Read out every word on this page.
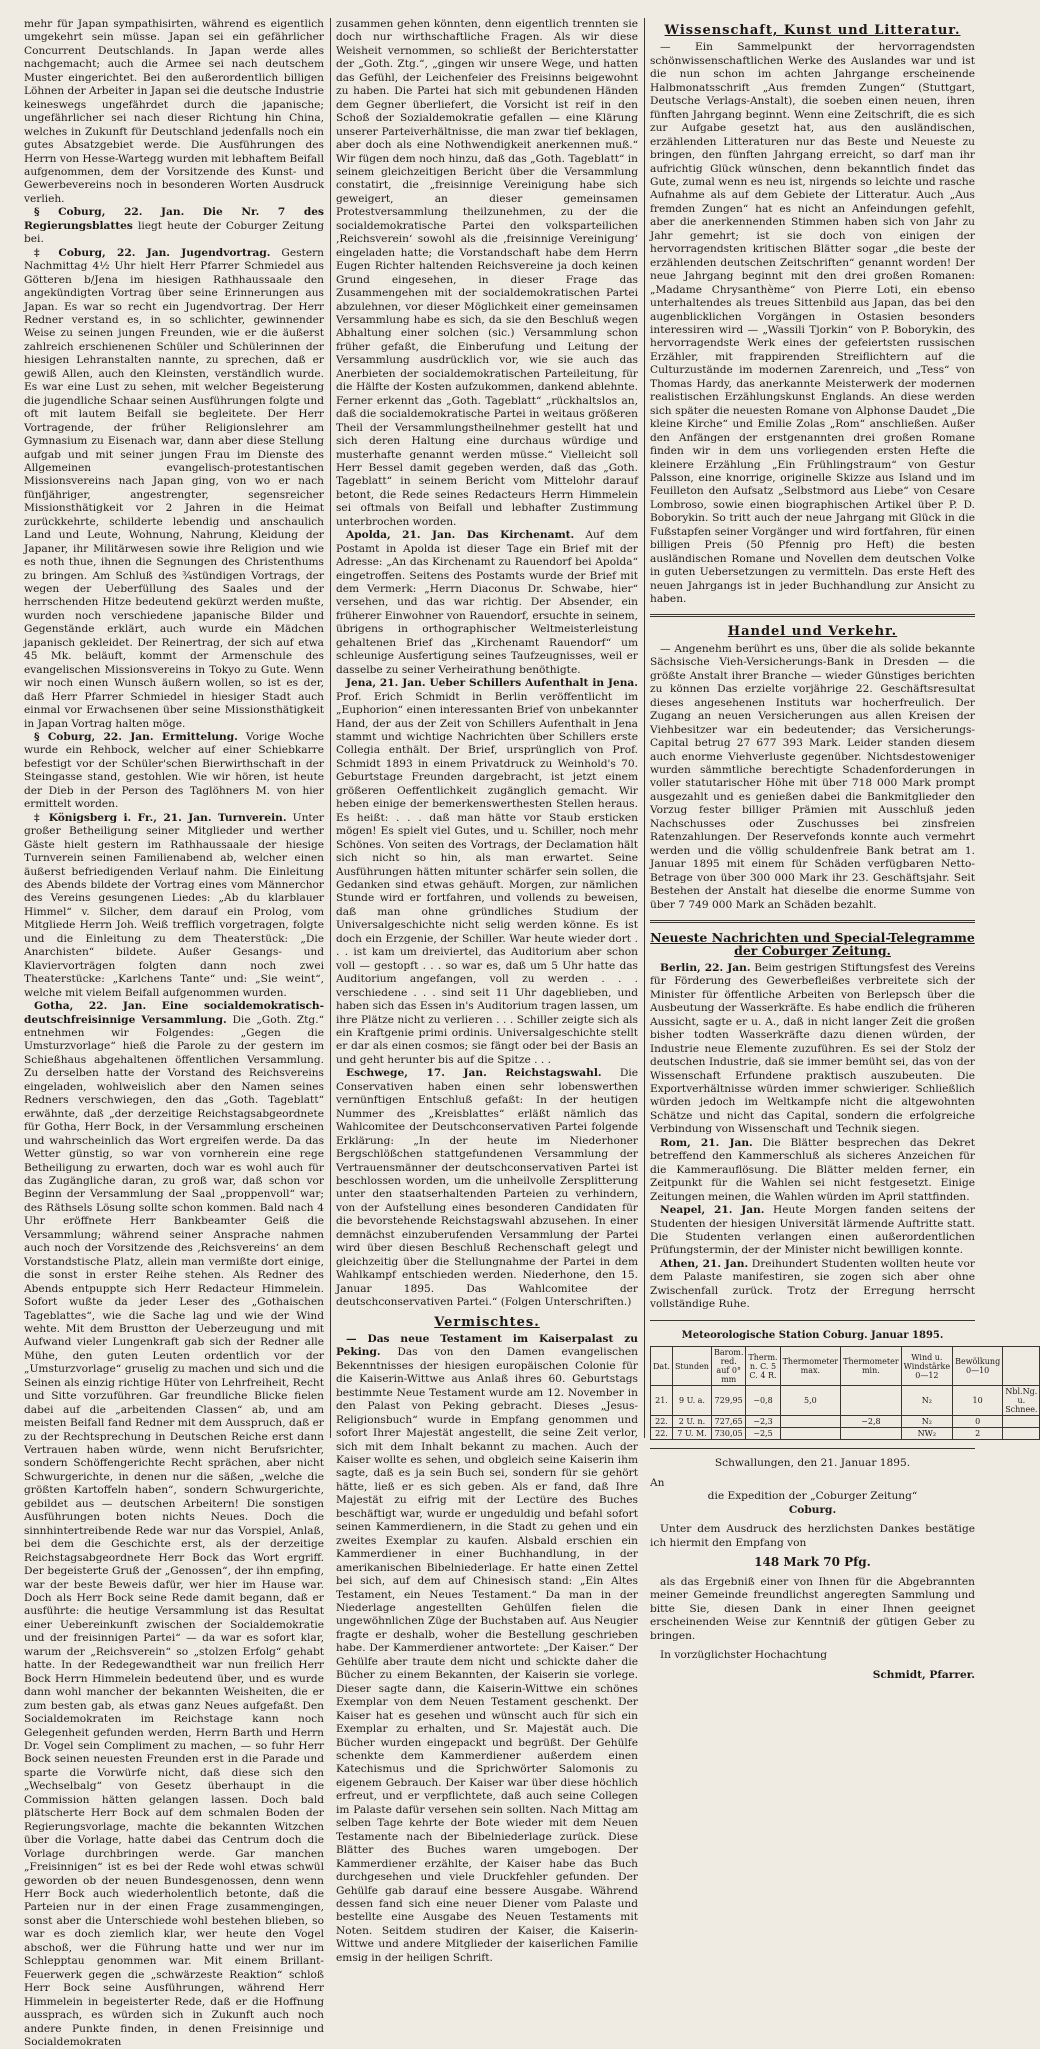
mehr für Japan sympathisirten, während es eigentlich umgekehrt sein müsse. Japan sei ein gefährlicher Concurrent Deutschlands. In Japan werde alles nachgemacht; auch die Armee sei nach deutschem Muster eingerichtet. Bei den außerordentlich billigen Löhnen der Arbeiter in Japan sei die deutsche Industrie keineswegs ungefährdet durch die japanische; ungefährlicher sei nach dieser Richtung hin China, welches in Zukunft für Deutschland jedenfalls noch ein gutes Absatzgebiet werde. Die Ausführungen des Herrn von Hesse-Wartegg wurden mit lebhaftem Beifall aufgenommen, dem der Vorsitzende des Kunst- und Gewerbevereins noch in besonderen Worten Ausdruck verlieh.

§ Coburg, 22. Jan. Die Nr. 7 des Regierungsblattes liegt heute der Coburger Zeitung bei.

‡ Coburg, 22. Jan. Jugendvortrag. Gestern Nachmittag 4½ Uhr hielt Herr Pfarrer Schmiedel aus Götteren b/Jena im hiesigen Rathhaussaale den angekündigten Vortrag über seine Erinnerungen aus Japan. Es war so recht ein Jugendvortrag. Der Herr Redner verstand es, in so schlichter, gewinnender Weise zu seinen jungen Freunden, wie er die äußerst zahlreich erschienenen Schüler und Schülerinnen der hiesigen Lehranstalten nannte, zu sprechen, daß er gewiß Allen, auch den Kleinsten, verständlich wurde. Es war eine Lust zu sehen, mit welcher Begeisterung die jugendliche Schaar seinen Ausführungen folgte und oft mit lautem Beifall sie begleitete. Der Herr Vortragende, der früher Religionslehrer am Gymnasium zu Eisenach war, dann aber diese Stellung aufgab und mit seiner jungen Frau im Dienste des Allgemeinen evangelisch-protestantischen Missionsvereins nach Japan ging, von wo er nach fünfjähriger, angestrengter, segensreicher Missionsthätigkeit vor 2 Jahren in die Heimat zurückkehrte, schilderte lebendig und anschaulich Land und Leute, Wohnung, Nahrung, Kleidung der Japaner, ihr Militärwesen sowie ihre Religion und wie es noth thue, ihnen die Segnungen des Christenthums zu bringen. Am Schluß des ¾stündigen Vortrags, der wegen der Ueberfüllung des Saales und der herrschenden Hitze bedeutend gekürzt werden mußte, wurden noch verschiedene japanische Bilder und Gegenstände erklärt, auch wurde ein Mädchen japanisch gekleidet. Der Reinertrag, der sich auf etwa 45 Mk. beläuft, kommt der Armenschule des evangelischen Missionsvereins in Tokyo zu Gute. Wenn wir noch einen Wunsch äußern wollen, so ist es der, daß Herr Pfarrer Schmiedel in hiesiger Stadt auch einmal vor Erwachsenen über seine Missionsthätigkeit in Japan Vortrag halten möge.

§ Coburg, 22. Jan. Ermittelung. Vorige Woche wurde ein Rehbock, welcher auf einer Schiebkarre befestigt vor der Schüler'schen Bierwirthschaft in der Steingasse stand, gestohlen. Wie wir hören, ist heute der Dieb in der Person des Taglöhners M. von hier ermittelt worden.

‡ Königsberg i. Fr., 21. Jan. Turnverein. Unter großer Betheiligung seiner Mitglieder und werther Gäste hielt gestern im Rathhaussaale der hiesige Turnverein seinen Familienabend ab, welcher einen äußerst befriedigenden Verlauf nahm. Die Einleitung des Abends bildete der Vortrag eines vom Männerchor des Vereins gesungenen Liedes: „Ab du klarblauer Himmel“ v. Silcher, dem darauf ein Prolog, vom Mitgliede Herrn Joh. Weiß trefflich vorgetragen, folgte und die Einleitung zu dem Theaterstück: „Die Anarchisten“ bildete. Außer Gesangs- und Klaviervorträgen folgten dann noch zwei Theaterstücke: „Karlchens Tante“ und: „Sie weint“, welche mit vielem Beifall aufgenommen wurden.

Gotha, 22. Jan. Eine socialdemokratisch-deutschfreisinnige Versammlung. Die „Goth. Ztg.“ entnehmen wir Folgendes: „Gegen die Umsturzvorlage“ hieß die Parole zu der gestern im Schießhaus abgehaltenen öffentlichen Versammlung. Zu derselben hatte der Vorstand des Reichsvereins eingeladen, wohlweislich aber den Namen seines Redners verschwiegen, den das „Goth. Tageblatt“ erwähnte, daß „der derzeitige Reichstagsabgeordnete für Gotha, Herr Bock, in der Versammlung erscheinen und wahrscheinlich das Wort ergreifen werde. Da das Wetter günstig, so war von vornherein eine rege Betheiligung zu erwarten, doch war es wohl auch für das Zugängliche daran, zu groß war, daß schon vor Beginn der Versammlung der Saal „proppenvoll“ war; des Räthsels Lösung sollte schon kommen. Bald nach 4 Uhr eröffnete Herr Bankbeamter Geiß die Versammlung; während seiner Ansprache nahmen auch noch der Vorsitzende des ‚Reichsvereins‘ an dem Vorstandstische Platz, allein man vermißte dort einige, die sonst in erster Reihe stehen. Als Redner des Abends entpuppte sich Herr Redacteur Himmelein. Sofort wußte da jeder Leser des „Gothaischen Tageblattes“, wie die Sache lag und wie der Wind wehte. Mit dem Brustton der Ueberzeugung und mit Aufwand vieler Lungenkraft gab sich der Redner alle Mühe, den guten Leuten ordentlich vor der „Umsturzvorlage“ gruselig zu machen und sich und die Seinen als einzig richtige Hüter von Lehrfreiheit, Recht und Sitte vorzuführen. Gar freundliche Blicke fielen dabei auf die „arbeitenden Classen“ ab, und am meisten Beifall fand Redner mit dem Ausspruch, daß er zu der Rechtsprechung in Deutschen Reiche erst dann Vertrauen haben würde, wenn nicht Berufsrichter, sondern Schöffengerichte Recht sprächen, aber nicht Schwurgerichte, in denen nur die säßen, „welche die größten Kartoffeln haben“, sondern Schwurgerichte, gebildet aus — deutschen Arbeitern! Die sonstigen Ausführungen boten nichts Neues. Doch die sinnhintertreibende Rede war nur das Vorspiel, Anlaß, bei dem die Geschichte erst, als der derzeitige Reichstagsabgeordnete Herr Bock das Wort ergriff. Der begeisterte Gruß der „Genossen“, der ihn empfing, war der beste Beweis dafür, wer hier im Hause war. Doch als Herr Bock seine Rede damit begann, daß er ausführte: die heutige Versammlung ist das Resultat einer Uebereinkunft zwischen der Socialdemokratie und der freisinnigen Partei“ — da war es sofort klar, warum der „Reichsverein“ so „stolzen Erfolg“ gehabt hatte. In der Redegewandtheit war nun freilich Herr Bock Herrn Himmelein bedeutend über, und es wurde dann wohl mancher der bekannten Weisheiten, die er zum besten gab, als etwas ganz Neues aufgefaßt. Den Socialdemokraten im Reichstage kann noch Gelegenheit gefunden werden, Herrn Barth und Herrn Dr. Vogel sein Compliment zu machen, — so fuhr Herr Bock seinen neuesten Freunden erst in die Parade und sparte die Vorwürfe nicht, daß diese sich den „Wechselbalg“ von Gesetz überhaupt in die Commission hätten gelangen lassen. Doch bald plätscherte Herr Bock auf dem schmalen Boden der Regierungsvorlage, machte die bekannten Witzchen über die Vorlage, hatte dabei das Centrum doch die Vorlage durchbringen werde. Gar manchen „Freisinnigen“ ist es bei der Rede wohl etwas schwül geworden ob der neuen Bundesgenossen, denn wenn Herr Bock auch wiederholentlich betonte, daß die Parteien nur in der einen Frage zusammengingen, sonst aber die Unterschiede wohl bestehen blieben, so war es doch ziemlich klar, wer heute den Vogel abschoß, wer die Führung hatte und wer nur im Schlepptau genommen war. Mit einem Brillant-Feuerwerk gegen die „schwärzeste Reaktion“ schloß Herr Bock seine Ausführungen, während Herr Himmelein in begeisterter Rede, daß er die Hoffnung aussprach, es würden sich in Zukunft auch noch andere Punkte finden, in denen Freisinnige und Socialdemokraten

zusammen gehen könnten, denn eigentlich trennten sie doch nur wirthschaftliche Fragen. Als wir diese Weisheit vernommen, so schließt der Berichterstatter der „Goth. Ztg.“, „gingen wir unsere Wege, und hatten das Gefühl, der Leichenfeier des Freisinns beigewohnt zu haben. Die Partei hat sich mit gebundenen Händen dem Gegner überliefert, die Vorsicht ist reif in den Schoß der Sozialdemokratie gefallen — eine Klärung unserer Parteiverhältnisse, die man zwar tief beklagen, aber doch als eine Nothwendigkeit anerkennen muß.“ Wir fügen dem noch hinzu, daß das „Goth. Tageblatt“ in seinem gleichzeitigen Bericht über die Versammlung constatirt, die „freisinnige Vereinigung habe sich geweigert, an dieser gemeinsamen Protestversammlung theilzunehmen, zu der die socialdemokratische Partei den volksparteilichen ‚Reichsverein‘ sowohl als die ‚freisinnige Vereinigung‘ eingeladen hatte; die Vorstandschaft habe dem Herrn Eugen Richter haltenden Reichsvereine ja doch keinen Grund eingesehen, in dieser Frage das Zusammengehen mit der socialdemokratischen Partei abzulehnen, vor dieser Möglichkeit einer gemeinsamen Versammlung habe es sich, da sie den Beschluß wegen Abhaltung einer solchen (sic.) Versammlung schon früher gefaßt, die Einberufung und Leitung der Versammlung ausdrücklich vor, wie sie auch das Anerbieten der socialdemokratischen Parteileitung, für die Hälfte der Kosten aufzukommen, dankend ablehnte. Ferner erkennt das „Goth. Tageblatt“ „rückhaltslos an, daß die socialdemokratische Partei in weitaus größeren Theil der Versammlungstheilnehmer gestellt hat und sich deren Haltung eine durchaus würdige und musterhafte genannt werden müsse.“ Vielleicht soll Herr Bessel damit gegeben werden, daß das „Goth. Tageblatt“ in seinem Bericht vom Mittelohr darauf betont, die Rede seines Redacteurs Herrn Himmelein sei oftmals von Beifall und lebhafter Zustimmung unterbrochen worden.

Apolda, 21. Jan. Das Kirchenamt. Auf dem Postamt in Apolda ist dieser Tage ein Brief mit der Adresse: „An das Kirchenamt zu Rauendorf bei Apolda“ eingetroffen. Seitens des Postamts wurde der Brief mit dem Vermerk: „Herrn Diaconus Dr. Schwabe, hier“ versehen, und das war richtig. Der Absender, ein früherer Einwohner von Rauendorf, ersuchte in seinem, übrigens in orthographischer Weltmeisterleistung gehaltenen Brief das „Kirchenamt Rauendorf“ um schleunige Ausfertigung seines Taufzeugnisses, weil er dasselbe zu seiner Verheirathung benöthigte.

Jena, 21. Jan. Ueber Schillers Aufenthalt in Jena. Prof. Erich Schmidt in Berlin veröffentlicht im „Euphorion“ einen interessanten Brief von unbekannter Hand, der aus der Zeit von Schillers Aufenthalt in Jena stammt und wichtige Nachrichten über Schillers erste Collegia enthält. Der Brief, ursprünglich von Prof. Schmidt 1893 in einem Privatdruck zu Weinhold's 70. Geburtstage Freunden dargebracht, ist jetzt einem größeren Oeffentlichkeit zugänglich gemacht. Wir heben einige der bemerkenswerthesten Stellen heraus. Es heißt: . . . daß man hätte vor Staub ersticken mögen! Es spielt viel Gutes, und u. Schiller, noch mehr Schönes. Von seiten des Vortrags, der Declamation hält sich nicht so hin, als man erwartet. Seine Ausführungen hätten mitunter schärfer sein sollen, die Gedanken sind etwas gehäuft. Morgen, zur nämlichen Stunde wird er fortfahren, und vollends zu beweisen, daß man ohne gründliches Studium der Universalgeschichte nicht selig werden könne. Es ist doch ein Erzgenie, der Schiller. War heute wieder dort . . . ist kam um dreiviertel, das Auditorium aber schon voll — gestopft . . . so war es, daß um 5 Uhr hatte das Auditorium angefangen, voll zu werden . . . verschiedene . . . sind seit 11 Uhr dageblieben, und haben sich das Essen in's Auditorium tragen lassen, um ihre Plätze nicht zu verlieren . . . Schiller zeigte sich als ein Kraftgenie primi ordinis. Universalgeschichte stellt er dar als einen cosmos; sie fängt oder bei der Basis an und geht herunter bis auf die Spitze . . .

Eschwege, 17. Jan. Reichstagswahl. Die Conservativen haben einen sehr lobenswerthen vernünftigen Entschluß gefaßt: In der heutigen Nummer des „Kreisblattes“ erläßt nämlich das Wahlcomitee der Deutschconservativen Partei folgende Erklärung: „In der heute im Niederhoner Bergschlößchen stattgefundenen Versammlung der Vertrauensmänner der deutschconservativen Partei ist beschlossen worden, um die unheilvolle Zersplitterung unter den staatserhaltenden Parteien zu verhindern, von der Aufstellung eines besonderen Candidaten für die bevorstehende Reichstagswahl abzusehen. In einer demnächst einzuberufenden Versammlung der Partei wird über diesen Beschluß Rechenschaft gelegt und gleichzeitig über die Stellungnahme der Partei in dem Wahlkampf entschieden werden. Niederhone, den 15. Januar 1895. Das Wahlcomitee der deutschconservativen Partei.“ (Folgen Unterschriften.)

Vermischtes.

— Das neue Testament im Kaiserpalast zu Peking. Das von den Damen evangelischen Bekenntnisses der hiesigen europäischen Colonie für die Kaiserin-Wittwe aus Anlaß ihres 60. Geburtstags bestimmte Neue Testament wurde am 12. November in den Palast von Peking gebracht. Dieses „Jesus-Religionsbuch“ wurde in Empfang genommen und sofort Ihrer Majestät angestellt, die seine Zeit verlor, sich mit dem Inhalt bekannt zu machen. Auch der Kaiser wollte es sehen, und obgleich seine Kaiserin ihm sagte, daß es ja sein Buch sei, sondern für sie gehört hätte, ließ er es sich geben. Als er fand, daß Ihre Majestät zu eifrig mit der Lectüre des Buches beschäftigt war, wurde er ungeduldig und befahl sofort seinen Kammerdienern, in die Stadt zu gehen und ein zweites Exemplar zu kaufen. Alsbald erschien ein Kammerdiener in einer Buchhandlung, in der amerikanischen Bibelniederlage. Er hatte einen Zettel bei sich, auf dem auf Chinesisch stand: „Ein Altes Testament, ein Neues Testament.“ Da man in der Niederlage angestellten Gehülfen fielen die ungewöhnlichen Züge der Buchstaben auf. Aus Neugier fragte er deshalb, woher die Bestellung geschrieben habe. Der Kammerdiener antwortete: „Der Kaiser.“ Der Gehülfe aber traute dem nicht und schickte daher die Bücher zu einem Bekannten, der Kaiserin sie vorlege. Dieser sagte dann, die Kaiserin-Wittwe ein schönes Exemplar von dem Neuen Testament geschenkt. Der Kaiser hat es gesehen und wünscht auch für sich ein Exemplar zu erhalten, und Sr. Majestät auch. Die Bücher wurden eingepackt und begrüßt. Der Gehülfe schenkte dem Kammerdiener außerdem einen Katechismus und die Sprichwörter Salomonis zu eigenem Gebrauch. Der Kaiser war über diese höchlich erfreut, und er verpflichtete, daß auch seine Collegen im Palaste dafür versehen sein sollten. Nach Mittag am selben Tage kehrte der Bote wieder mit dem Neuen Testamente nach der Bibelniederlage zurück. Diese Blätter des Buches waren umgebogen. Der Kammerdiener erzählte, der Kaiser habe das Buch durchgesehen und viele Druckfehler gefunden. Der Gehülfe gab darauf eine bessere Ausgabe. Während dessen fand sich eine neuer Diener vom Palaste und bestellte eine Ausgabe des Neuen Testaments mit Noten. Seitdem studiren der Kaiser, die Kaiserin-Wittwe und andere Mitglieder der kaiserlichen Familie emsig in der heiligen Schrift.

Wissenschaft, Kunst und Litteratur.

— Ein Sammelpunkt der hervorragendsten schönwissenschaftlichen Werke des Auslandes war und ist die nun schon im achten Jahrgange erscheinende Halbmonatsschrift „Aus fremden Zungen“ (Stuttgart, Deutsche Verlags-Anstalt), die soeben einen neuen, ihren fünften Jahrgang beginnt. Wenn eine Zeitschrift, die es sich zur Aufgabe gesetzt hat, aus den ausländischen, erzählenden Litteraturen nur das Beste und Neueste zu bringen, den fünften Jahrgang erreicht, so darf man ihr aufrichtig Glück wünschen, denn bekanntlich findet das Gute, zumal wenn es neu ist, nirgends so leichte und rasche Aufnahme als auf dem Gebiete der Litteratur. Auch „Aus fremden Zungen“ hat es nicht an Anfeindungen gefehlt, aber die anerkennenden Stimmen haben sich von Jahr zu Jahr gemehrt; ist sie doch von einigen der hervorragendsten kritischen Blätter sogar „die beste der erzählenden deutschen Zeitschriften“ genannt worden! Der neue Jahrgang beginnt mit den drei großen Romanen: „Madame Chrysanthème“ von Pierre Loti, ein ebenso unterhaltendes als treues Sittenbild aus Japan, das bei den augenblicklichen Vorgängen in Ostasien besonders interessiren wird — „Wassili Tjorkin“ von P. Boborykin, des hervorragendste Werk eines der gefeiertsten russischen Erzähler, mit frappirenden Streiflichtern auf die Culturzustände im modernen Zarenreich, und „Tess“ von Thomas Hardy, das anerkannte Meisterwerk der modernen realistischen Erzählungskunst Englands. An diese werden sich später die neuesten Romane von Alphonse Daudet „Die kleine Kirche“ und Emilie Zolas „Rom“ anschließen. Außer den Anfängen der erstgenannten drei großen Romane finden wir in dem uns vorliegenden ersten Hefte die kleinere Erzählung „Ein Frühlingstraum“ von Gestur Palsson, eine knorrige, originelle Skizze aus Island und im Feuilleton den Aufsatz „Selbstmord aus Liebe“ von Cesare Lombroso, sowie einen biographischen Artikel über P. D. Boborykin. So tritt auch der neue Jahrgang mit Glück in die Fußstapfen seiner Vorgänger und wird fortfahren, für einen billigen Preis (50 Pfennig pro Heft) die besten ausländischen Romane und Novellen dem deutschen Volke in guten Uebersetzungen zu vermitteln. Das erste Heft des neuen Jahrgangs ist in jeder Buchhandlung zur Ansicht zu haben.

Handel und Verkehr.

— Angenehm berührt es uns, über die als solide bekannte Sächsische Vieh-Versicherungs-Bank in Dresden — die größte Anstalt ihrer Branche — wieder Günstiges berichten zu können Das erzielte vorjährige 22. Geschäftsresultat dieses angesehenen Instituts war hocherfreulich. Der Zugang an neuen Versicherungen aus allen Kreisen der Viehbesitzer war ein bedeutender; das Versicherungs-Capital betrug 27 677 393 Mark. Leider standen diesem auch enorme Viehverluste gegenüber. Nichtsdestoweniger wurden sämmtliche berechtigte Schadenforderungen in voller statutarischer Höhe mit über 718 000 Mark prompt ausgezahlt und es genießen dabei die Bankmitglieder den Vorzug fester billiger Prämien mit Ausschluß jeden Nachschusses oder Zuschusses bei zinsfreien Ratenzahlungen. Der Reservefonds konnte auch vermehrt werden und die völlig schuldenfreie Bank betrat am 1. Januar 1895 mit einem für Schäden verfügbaren Netto-Betrage von über 300 000 Mark ihr 23. Geschäftsjahr. Seit Bestehen der Anstalt hat dieselbe die enorme Summe von über 7 749 000 Mark an Schäden bezahlt.

Neueste Nachrichten und Special-Telegramme der Coburger Zeitung.

Berlin, 22. Jan. Beim gestrigen Stiftungsfest des Vereins für Förderung des Gewerbefleißes verbreitete sich der Minister für öffentliche Arbeiten von Berlepsch über die Ausbeutung der Wasserkräfte. Es habe endlich die früheren Aussicht, sagte er u. A., daß in nicht langer Zeit die großen bisher todten Wasserkräfte dazu dienen würden, der Industrie neue Elemente zuzuführen. Es sei der Stolz der deutschen Industrie, daß sie immer bemüht sei, das von der Wissenschaft Erfundene praktisch auszubeuten. Die Exportverhältnisse würden immer schwieriger. Schließlich würden jedoch im Weltkampfe nicht die altgewohnten Schätze und nicht das Capital, sondern die erfolgreiche Verbindung von Wissenschaft und Technik siegen.

Rom, 21. Jan. Die Blätter besprechen das Dekret betreffend den Kammerschluß als sicheres Anzeichen für die Kammerauflösung. Die Blätter melden ferner, ein Zeitpunkt für die Wahlen sei nicht festgesetzt. Einige Zeitungen meinen, die Wahlen würden im April stattfinden.

Neapel, 21. Jan. Heute Morgen fanden seitens der Studenten der hiesigen Universität lärmende Auftritte statt. Die Studenten verlangen einen außerordentlichen Prüfungstermin, der der Minister nicht bewilligen konnte.

Athen, 21. Jan. Dreihundert Studenten wollten heute vor dem Palaste manifestiren, sie zogen sich aber ohne Zwischenfall zurück. Trotz der Erregung herrscht vollständige Ruhe.

Meteorologische Station Coburg. Januar 1895.
Dat.	Stunden	Barom. red. auf 0° mm	Therm. n. C. 5 C. 4 R.	Thermometer max.	Thermometer min.	Wind u. Windstärke 0—12	Bewölkung 0—10	
21.	9 U. a.	729,95	−0,8	5,0		N₂	10	Nbl.Ng. u. Schnee.
22.	2 U. n.	727,65	−2,3		−2,8	N₂	0	
22.	7 U. M.	730,05	−2,5			NW₂	2	

Schwallungen, den 21. Januar 1895.

An

die Expedition der „Coburger Zeitung“

Coburg.

Unter dem Ausdruck des herzlichsten Dankes bestätige ich hiermit den Empfang von

148 Mark 70 Pfg.

als das Ergebniß einer von Ihnen für die Abgebrannten meiner Gemeinde freundlichst angeregten Sammlung und bitte Sie, diesen Dank in einer Ihnen geeignet erscheinenden Weise zur Kenntniß der gütigen Geber zu bringen.

In vorzüglichster Hochachtung

Schmidt, Pfarrer.
